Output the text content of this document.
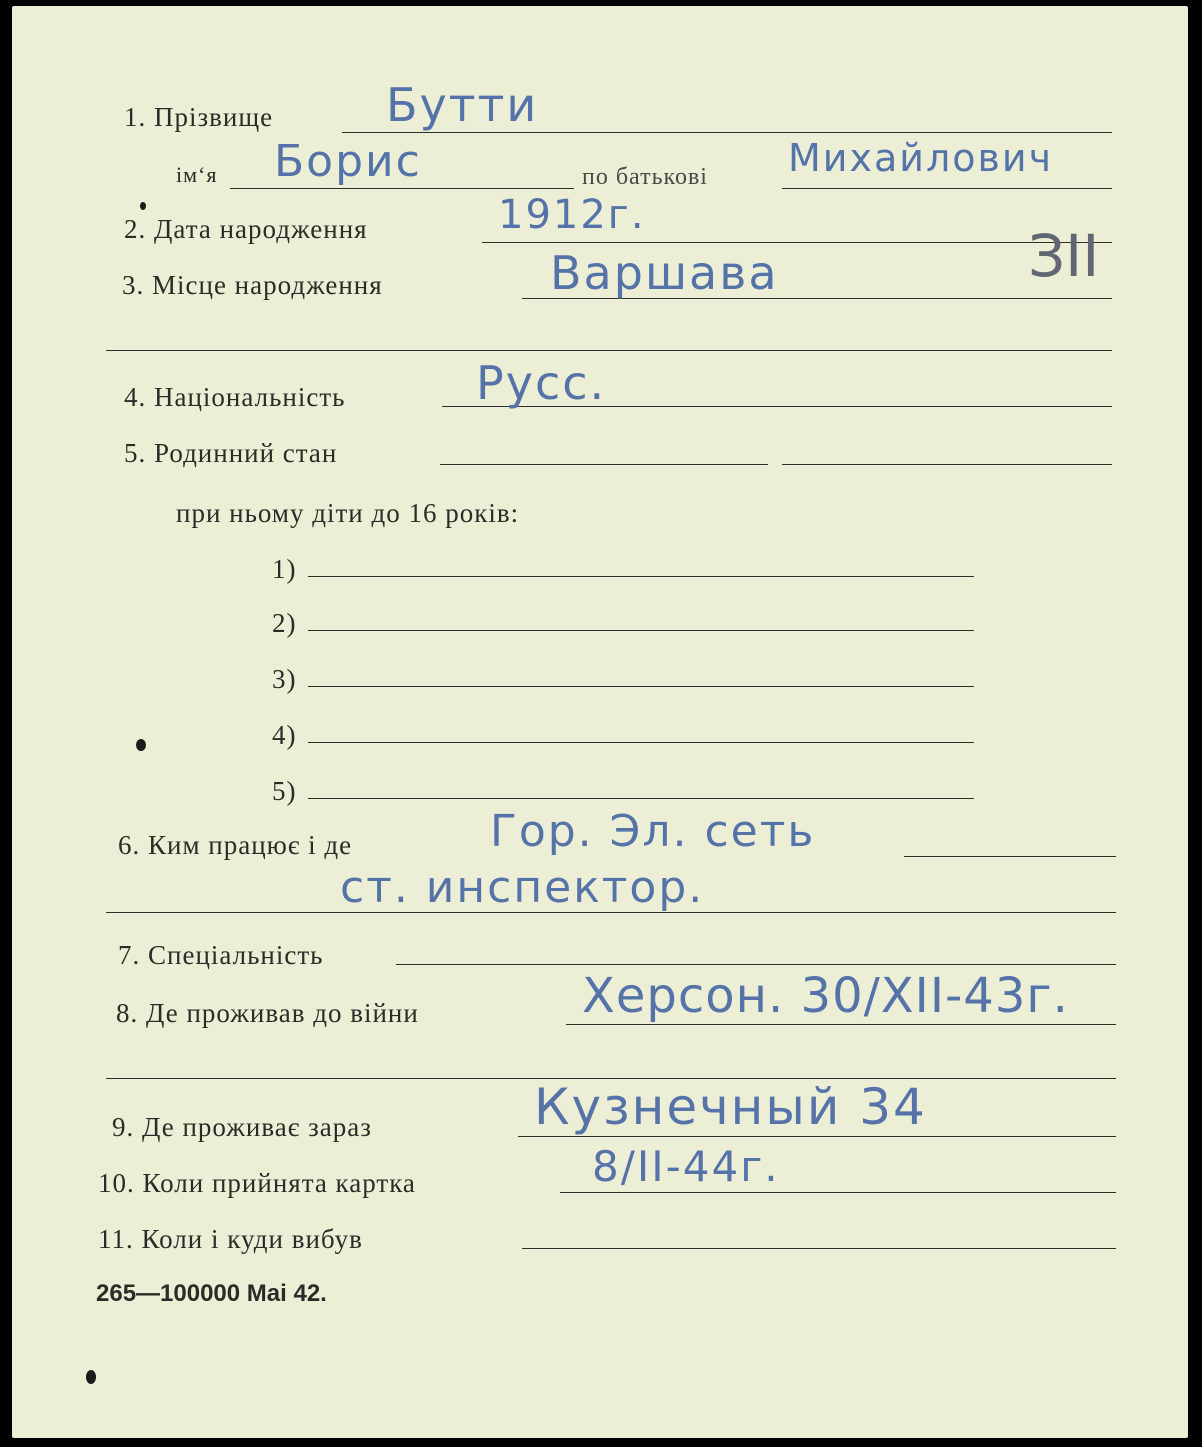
1. Прізвище Бутти
ім‘я Борис	по батькові Михайлович
2. Дата народження	1912г.
3. Місце народження	Варшава	ЗII
4. Національність	Русс.
5. Родинний стан
при ньому діти до 16 років:
1)
2)
3)
4)
5)
6. Ким працює і де	Гор. Эл. сеть
ст. инспектор.
7. Спеціальність
8. Де проживав до війни	Херсон. 30/XII-43г.
9. Де проживає зараз	Кузнечный 34
10. Коли прийнята картка	8/II-44г.
11. Коли і куди вибув
265—100000 Mai 42.
